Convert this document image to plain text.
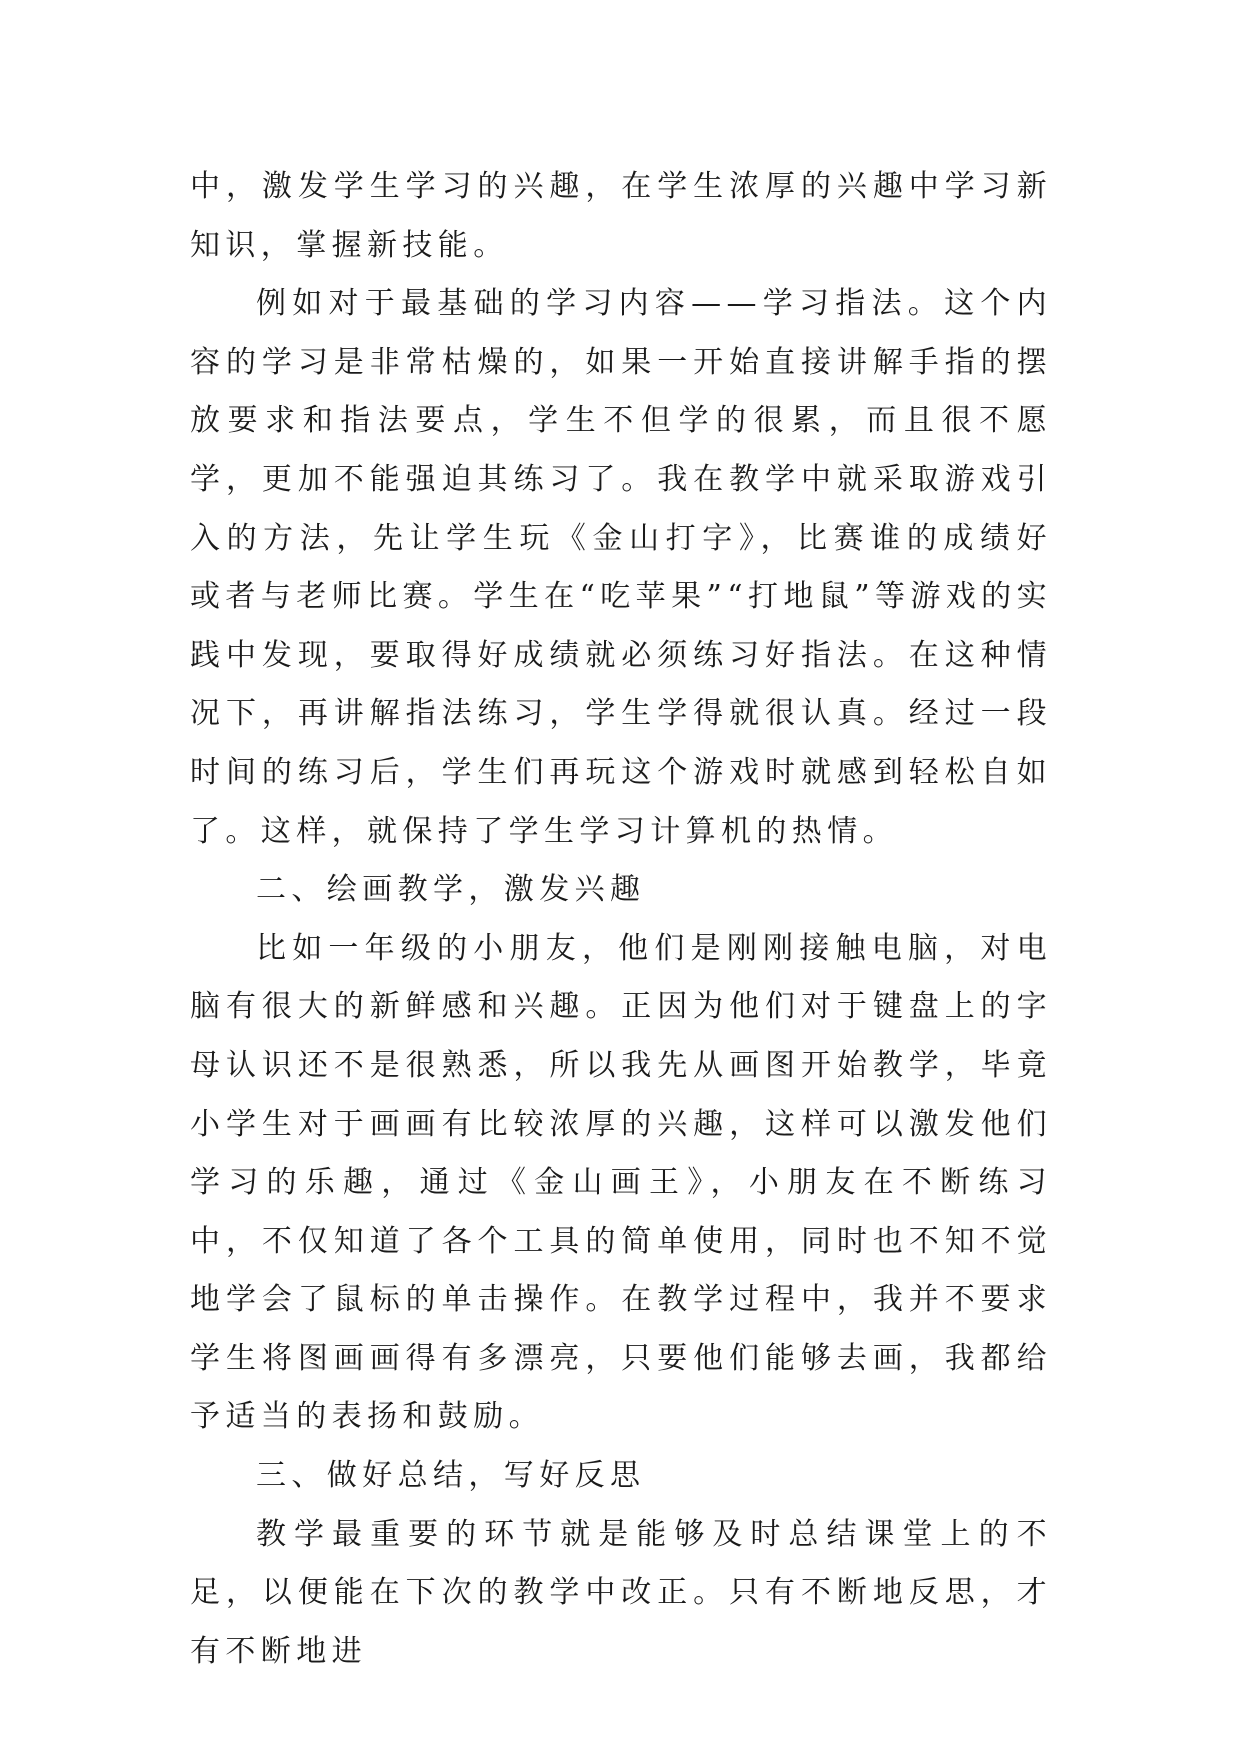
中，激发学生学习的兴趣，在学生浓厚的兴趣中学习新知识，掌握新技能。

例如对于最基础的学习内容——学习指法。这个内容的学习是非常枯燥的，如果一开始直接讲解手指的摆放要求和指法要点，学生不但学的很累，而且很不愿学，更加不能强迫其练习了。我在教学中就采取游戏引入的方法，先让学生玩《金山打字》，比赛谁的成绩好或者与老师比赛。学生在“吃苹果”“打地鼠”等游戏的实践中发现，要取得好成绩就必须练习好指法。在这种情况下，再讲解指法练习，学生学得就很认真。经过一段时间的练习后，学生们再玩这个游戏时就感到轻松自如了。这样，就保持了学生学习计算机的热情。

二、绘画教学，激发兴趣

比如一年级的小朋友，他们是刚刚接触电脑，对电脑有很大的新鲜感和兴趣。正因为他们对于键盘上的字母认识还不是很熟悉，所以我先从画图开始教学，毕竟小学生对于画画有比较浓厚的兴趣，这样可以激发他们学习的乐趣，通过《金山画王》，小朋友在不断练习中，不仅知道了各个工具的简单使用，同时也不知不觉地学会了鼠标的单击操作。在教学过程中，我并不要求学生将图画画得有多漂亮，只要他们能够去画，我都给予适当的表扬和鼓励。

三、做好总结，写好反思

教学最重要的环节就是能够及时总结课堂上的不足，以便能在下次的教学中改正。只有不断地反思，才有不断地进
